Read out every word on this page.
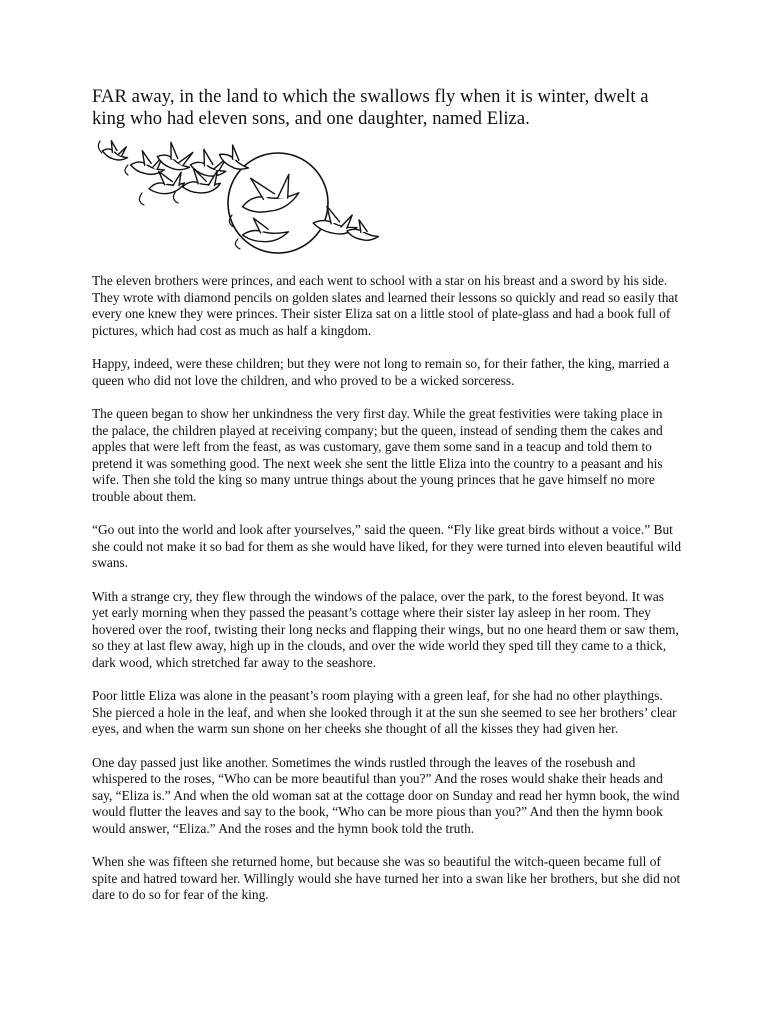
FAR away, in the land to which the swallows fly when it is winter, dwelt a king who had eleven sons, and one daughter, named Eliza.

The eleven brothers were princes, and each went to school with a star on his breast and a sword by his side. They wrote with diamond pencils on golden slates and learned their lessons so quickly and read so easily that every one knew they were princes. Their sister Eliza sat on a little stool of plate-glass and had a book full of pictures, which had cost as much as half a kingdom.

Happy, indeed, were these children; but they were not long to remain so, for their father, the king, married a queen who did not love the children, and who proved to be a wicked sorceress.

The queen began to show her unkindness the very first day. While the great festivities were taking place in the palace, the children played at receiving company; but the queen, instead of sending them the cakes and apples that were left from the feast, as was customary, gave them some sand in a teacup and told them to pretend it was something good. The next week she sent the little Eliza into the country to a peasant and his wife. Then she told the king so many untrue things about the young princes that he gave himself no more trouble about them.

“Go out into the world and look after yourselves,” said the queen. “Fly like great birds without a voice.” But she could not make it so bad for them as she would have liked, for they were turned into eleven beautiful wild swans.

With a strange cry, they flew through the windows of the palace, over the park, to the forest beyond. It was yet early morning when they passed the peasant’s cottage where their sister lay asleep in her room. They hovered over the roof, twisting their long necks and flapping their wings, but no one heard them or saw them, so they at last flew away, high up in the clouds, and over the wide world they sped till they came to a thick, dark wood, which stretched far away to the seashore.

Poor little Eliza was alone in the peasant’s room playing with a green leaf, for she had no other playthings. She pierced a hole in the leaf, and when she looked through it at the sun she seemed to see her brothers’ clear eyes, and when the warm sun shone on her cheeks she thought of all the kisses they had given her.

One day passed just like another. Sometimes the winds rustled through the leaves of the rosebush and whispered to the roses, “Who can be more beautiful than you?” And the roses would shake their heads and say, “Eliza is.” And when the old woman sat at the cottage door on Sunday and read her hymn book, the wind would flutter the leaves and say to the book, “Who can be more pious than you?” And then the hymn book would answer, “Eliza.” And the roses and the hymn book told the truth.

When she was fifteen she returned home, but because she was so beautiful the witch-queen became full of spite and hatred toward her. Willingly would she have turned her into a swan like her brothers, but she did not dare to do so for fear of the king.
